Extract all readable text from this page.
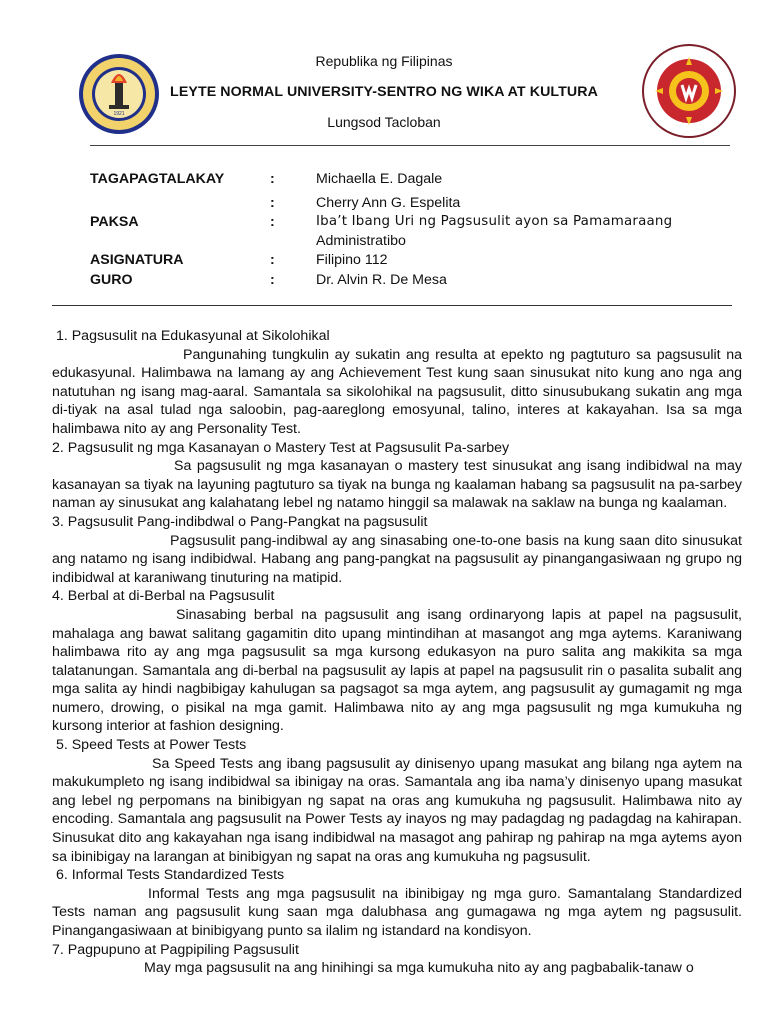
1921
Republika ng Filipinas
LEYTE NORMAL UNIVERSITY-SENTRO NG WIKA AT KULTURA
Lungsod Tacloban
TAGAPAGTALAKAY	:	Michaella E. Dagale
:	Cherry Ann G. Espelita
PAKSA	:	Iba’t Ibang Uri ng Pagsusulit ayon sa Pamamaraang
Administratibo
ASIGNATURA	:	Filipino 112
GURO	:	Dr. Alvin R. De Mesa
1. Pagsusulit na Edukasyunal at Sikolohikal

Pangunahing tungkulin ay sukatin ang resulta at epekto ng pagtuturo sa pagsusulit na edukasyunal. Halimbawa na lamang ay ang Achievement Test kung saan sinusukat nito kung ano nga ang natutuhan ng isang mag-aaral. Samantala sa sikolohikal na pagsusulit, ditto sinusubukang sukatin ang mga di-tiyak na asal tulad nga saloobin, pag-aareglong emosyunal, talino, interes at kakayahan. Isa sa mga halimbawa nito ay ang Personality Test.

2. Pagsusulit ng mga Kasanayan o Mastery Test at Pagsusulit Pa-sarbey

Sa pagsusulit ng mga kasanayan o mastery test sinusukat ang isang indibidwal na may kasanayan sa tiyak na layuning pagtuturo sa tiyak na bunga ng kaalaman habang sa pagsusulit na pa-sarbey naman ay sinusukat ang kalahatang lebel ng natamo hinggil sa malawak na saklaw na bunga ng kaalaman.

3. Pagsusulit Pang-indibdwal o Pang-Pangkat na pagsusulit

Pagsusulit pang-indibwal ay ang sinasabing one-to-one basis na kung saan dito sinusukat ang natamo ng isang indibidwal. Habang ang pang-pangkat na pagsusulit ay pinangangasiwaan ng grupo ng indibidwal at karaniwang tinuturing na matipid.

4. Berbal at di-Berbal na Pagsusulit

Sinasabing berbal na pagsusulit ang isang ordinaryong lapis at papel na pagsusulit, mahalaga ang bawat salitang gagamitin dito upang mintindihan at masangot ang mga aytems. Karaniwang halimbawa rito ay ang mga pagsusulit sa mga kursong edukasyon na puro salita ang makikita sa mga talatanungan. Samantala ang di-berbal na pagsusulit ay lapis at papel na pagsusulit rin o pasalita subalit ang mga salita ay hindi nagbibigay kahulugan sa pagsagot sa mga aytem, ang pagsusulit ay gumagamit ng mga numero, drowing, o pisikal na mga gamit. Halimbawa nito ay ang mga pagsusulit ng mga kumukuha ng kursong interior at fashion designing.

5. Speed Tests at Power Tests

Sa Speed Tests ang ibang pagsusulit ay dinisenyo upang masukat ang bilang nga aytem na makukumpleto ng isang indibidwal sa ibinigay na oras. Samantala ang iba nama’y dinisenyo upang masukat ang lebel ng perpomans na binibigyan ng sapat na oras ang kumukuha ng pagsusulit. Halimbawa nito ay encoding. Samantala ang pagsusulit na Power Tests ay inayos ng may padagdag ng padagdag na kahirapan. Sinusukat dito ang kakayahan nga isang indibidwal na masagot ang pahirap ng pahirap na mga aytems ayon sa ibinibigay na larangan at binibigyan ng sapat na oras ang kumukuha ng pagsusulit.

6. Informal Tests Standardized Tests

Informal Tests ang mga pagsusulit na ibinibigay ng mga guro. Samantalang Standardized Tests naman ang pagsusulit kung saan mga dalubhasa ang gumagawa ng mga aytem ng pagsusulit. Pinangangasiwaan at binibigyang punto sa ilalim ng istandard na kondisyon.

7. Pagpupuno at Pagpipiling Pagsusulit

May mga pagsusulit na ang hinihingi sa mga kumukuha nito ay ang pagbabalik-tanaw o
